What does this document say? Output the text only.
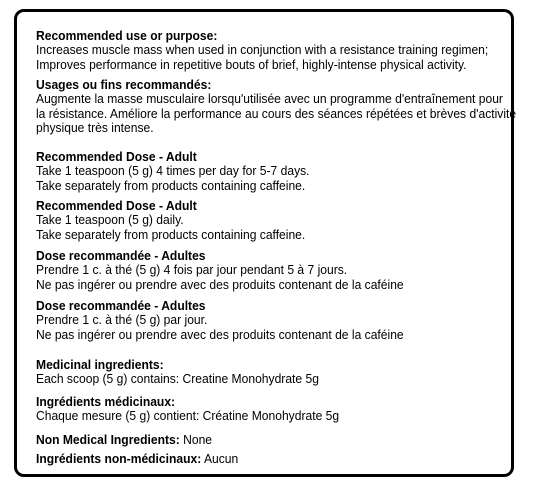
Recommended use or purpose:
Increases muscle mass when used in conjunction with a resistance training regimen;
Improves performance in repetitive bouts of brief, highly-intense physical activity.
Usages ou fins recommandés:
Augmente la masse musculaire lorsqu'utilisée avec un programme d'entraînement pour
la résistance. Améliore la performance au cours des séances répétées et brèves d'activité
physique très intense.
Recommended Dose - Adult
Take 1 teaspoon (5 g) 4 times per day for 5-7 days.
Take separately from products containing caffeine.
Recommended Dose - Adult
Take 1 teaspoon (5 g) daily.
Take separately from products containing caffeine.
Dose recommandée - Adultes
Prendre 1 c. à thé (5 g) 4 fois par jour pendant 5 à 7 jours.
Ne pas ingérer ou prendre avec des produits contenant de la caféine
Dose recommandée - Adultes
Prendre 1 c. à thé (5 g) par jour.
Ne pas ingérer ou prendre avec des produits contenant de la caféine
Medicinal ingredients:
Each scoop (5 g) contains: Creatine Monohydrate 5g
Ingrédients médicinaux:
Chaque mesure (5 g) contient: Créatine Monohydrate 5g
Non Medical Ingredients: None
Ingrédients non-médicinaux: Aucun
